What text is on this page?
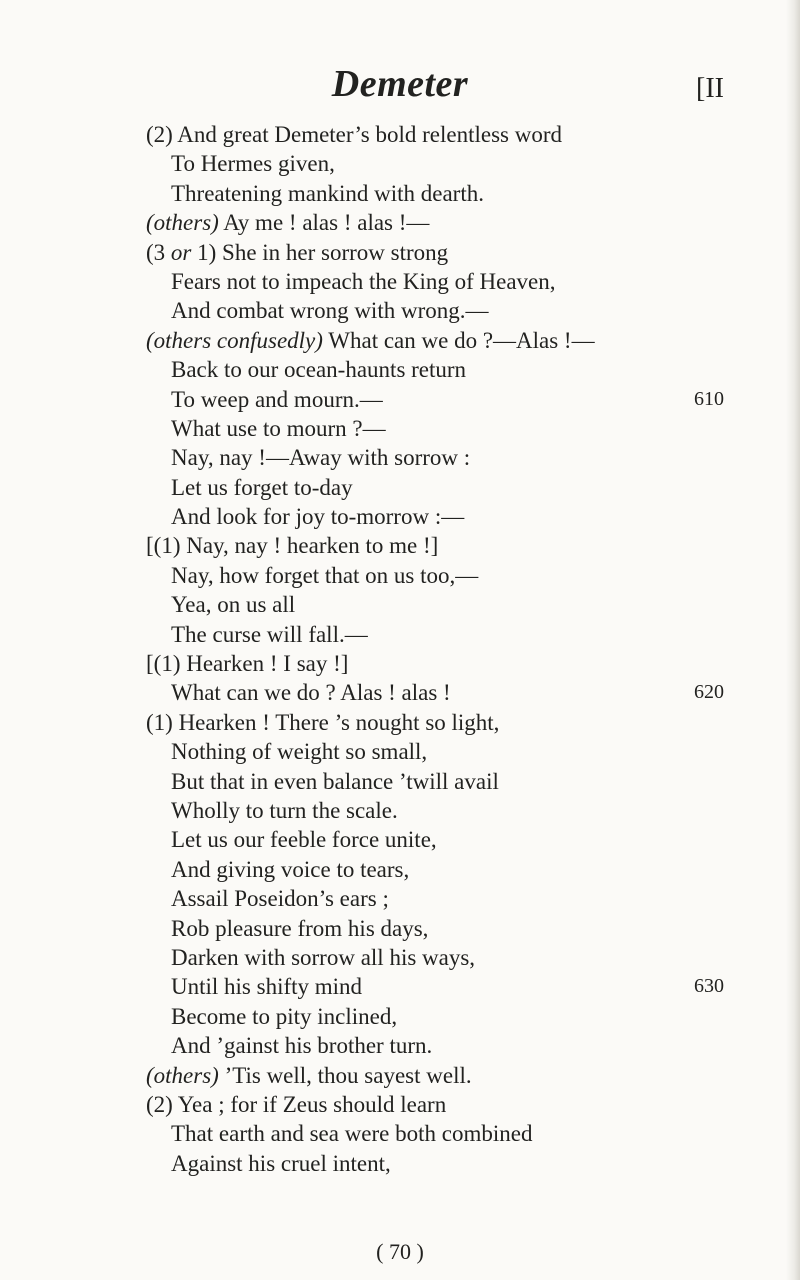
Demeter	[II
(2) And great Demeter’s bold relentless word
To Hermes given,
Threatening mankind with dearth.
(others) Ay me ! alas ! alas !—
(3 or 1) She in her sorrow strong
Fears not to impeach the King of Heaven,
And combat wrong with wrong.—
(others confusedly) What can we do ?—Alas !—
Back to our ocean-haunts return
To weep and mourn.—	610
What use to mourn ?—
Nay, nay !—Away with sorrow :
Let us forget to-day
And look for joy to-morrow :—
[(1) Nay, nay ! hearken to me !]
Nay, how forget that on us too,—
Yea, on us all
The curse will fall.—
[(1) Hearken ! I say !]
What can we do ? Alas ! alas !	620
(1) Hearken ! There ’s nought so light,
Nothing of weight so small,
But that in even balance ’twill avail
Wholly to turn the scale.
Let us our feeble force unite,
And giving voice to tears,
Assail Poseidon’s ears ;
Rob pleasure from his days,
Darken with sorrow all his ways,
Until his shifty mind	630
Become to pity inclined,
And ’gainst his brother turn.
(others) ’Tis well, thou sayest well.
(2) Yea ; for if Zeus should learn
That earth and sea were both combined
Against his cruel intent,
( 70 )
